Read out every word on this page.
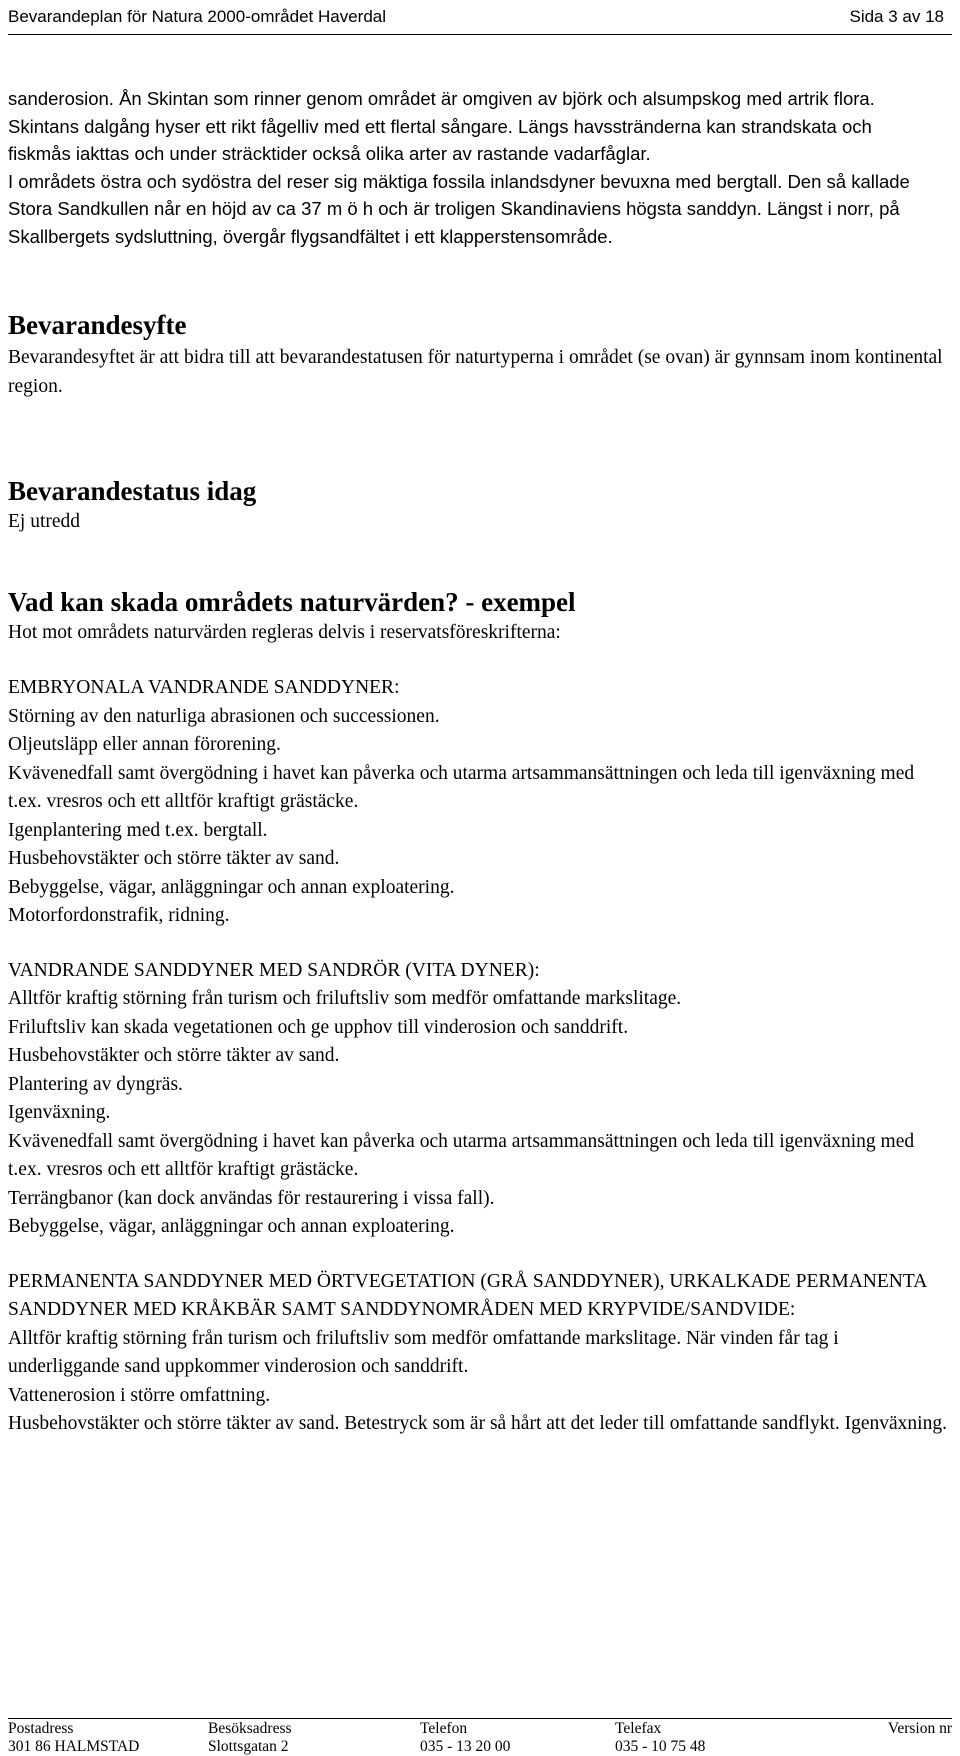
Bevarandeplan för Natura 2000-området Haverdal	Sida 3 av 18

sanderosion. Ån Skintan som rinner genom området är omgiven av björk och alsumpskog med artrik flora. Skintans dalgång hyser ett rikt fågelliv med ett flertal sångare. Längs havsstränderna kan strandskata och fiskmås iakttas och under sträcktider också olika arter av rastande vadarfåglar.

I områdets östra och sydöstra del reser sig mäktiga fossila inlandsdyner bevuxna med bergtall. Den så kallade Stora Sandkullen når en höjd av ca 37 m ö h och är troligen Skandinaviens högsta sanddyn. Längst i norr, på Skallbergets sydsluttning, övergår flygsandfältet i ett klapperstensområde.

Bevarandesyfte

Bevarandesyftet är att bidra till att bevarandestatusen för naturtyperna i området (se ovan) är gynnsam inom kontinental region.

Bevarandestatus idag

Ej utredd

Vad kan skada områdets naturvärden? - exempel

Hot mot områdets naturvärden regleras delvis i reservatsföreskrifterna:

EMBRYONALA VANDRANDE SANDDYNER:
Störning av den naturliga abrasionen och successionen.
Oljeutsläpp eller annan förorening.
Kvävenedfall samt övergödning i havet kan påverka och utarma artsammansättningen och leda till igenväxning med t.ex. vresros och ett alltför kraftigt grästäcke.
Igenplantering med t.ex. bergtall.
Husbehovstäkter och större täkter av sand.
Bebyggelse, vägar, anläggningar och annan exploatering.
Motorfordonstrafik, ridning.
VANDRANDE SANDDYNER MED SANDRÖR (VITA DYNER):
Alltför kraftig störning från turism och friluftsliv som medför omfattande markslitage.
Friluftsliv kan skada vegetationen och ge upphov till vinderosion och sanddrift.
Husbehovstäkter och större täkter av sand.
Plantering av dyngräs.
Igenväxning.
Kvävenedfall samt övergödning i havet kan påverka och utarma artsammansättningen och leda till igenväxning med t.ex. vresros och ett alltför kraftigt grästäcke.
Terrängbanor (kan dock användas för restaurering i vissa fall).
Bebyggelse, vägar, anläggningar och annan exploatering.
PERMANENTA SANDDYNER MED ÖRTVEGETATION (GRÅ SANDDYNER), URKALKADE PERMANENTA SANDDYNER MED KRÅKBÄR SAMT SANDDYNOMRÅDEN MED KRYPVIDE/SANDVIDE:
Alltför kraftig störning från turism och friluftsliv som medför omfattande markslitage. När vinden får tag i underliggande sand uppkommer vinderosion och sanddrift.
Vattenerosion i större omfattning.
Husbehovstäkter och större täkter av sand. Betestryck som är så hårt att det leder till omfattande sandflykt. Igenväxning.
Postadress
301 86 HALMSTAD
Besöksadress
Slottsgatan 2
Telefon
035 - 13 20 00
Telefax
035 - 10 75 48
Version nr
